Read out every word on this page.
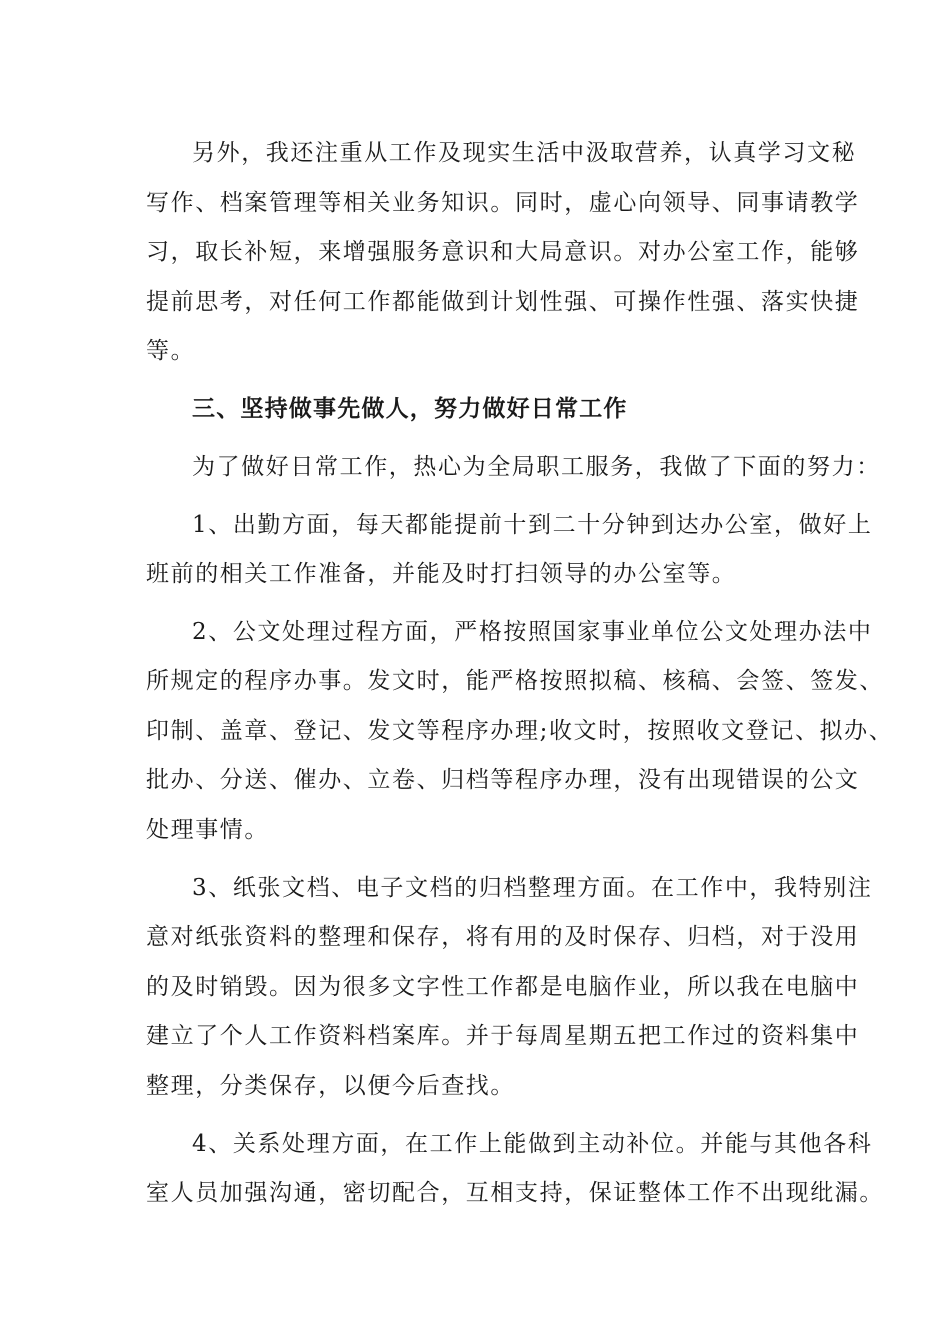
另外，我还注重从工作及现实生活中汲取营养，认真学习文秘
写作、档案管理等相关业务知识。同时，虚心向领导、同事请教学
习，取长补短，来增强服务意识和大局意识。对办公室工作，能够
提前思考，对任何工作都能做到计划性强、可操作性强、落实快捷
等。
三、坚持做事先做人，努力做好日常工作
为了做好日常工作，热心为全局职工服务，我做了下面的努力：
1、出勤方面，每天都能提前十到二十分钟到达办公室，做好上
班前的相关工作准备，并能及时打扫领导的办公室等。
2、公文处理过程方面，严格按照国家事业单位公文处理办法中
所规定的程序办事。发文时，能严格按照拟稿、核稿、会签、签发、
印制、盖章、登记、发文等程序办理;收文时，按照收文登记、拟办、
批办、分送、催办、立卷、归档等程序办理，没有出现错误的公文
处理事情。
3、纸张文档、电子文档的归档整理方面。在工作中，我特别注
意对纸张资料的整理和保存，将有用的及时保存、归档，对于没用
的及时销毁。因为很多文字性工作都是电脑作业，所以我在电脑中
建立了个人工作资料档案库。并于每周星期五把工作过的资料集中
整理，分类保存，以便今后查找。
4、关系处理方面，在工作上能做到主动补位。并能与其他各科
室人员加强沟通，密切配合，互相支持，保证整体工作不出现纰漏。
